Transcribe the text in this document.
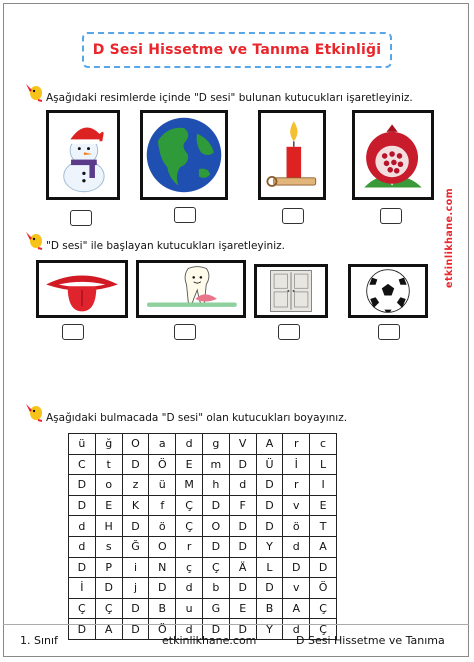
D Sesi Hissetme ve Tanıma Etkinliği
Aşağıdaki resimlerde içinde "D sesi" bulunan kutucukları işaretleyiniz.
"D sesi" ile başlayan kutucukları işaretleyiniz.
Aşağıdaki bulmacada "D sesi" olan kutucukları boyayınız.
ü	ğ	O	a	d	g	V	A	r	c
C	t	D	Ö	E	m	D	Ü	İ	L
D	o	z	ü	M	h	d	D	r	I
D	E	K	f	Ç	D	F	D	v	E
d	H	D	ö	Ç	O	D	D	ö	T
d	s	Ğ	O	r	D	D	Y	d	A
D	P	i	N	ç	Ç	Ä	L	D	D
İ	D	j	D	d	b	D	D	v	Ö
Ç	Ç	D	B	u	G	E	B	A	Ç
D	A	D	Ö	d	D	D	Y	d	Ç
etkinlikhane.com
1. Sınıf	etkinlikhane.com	D Sesi Hissetme ve Tanıma
